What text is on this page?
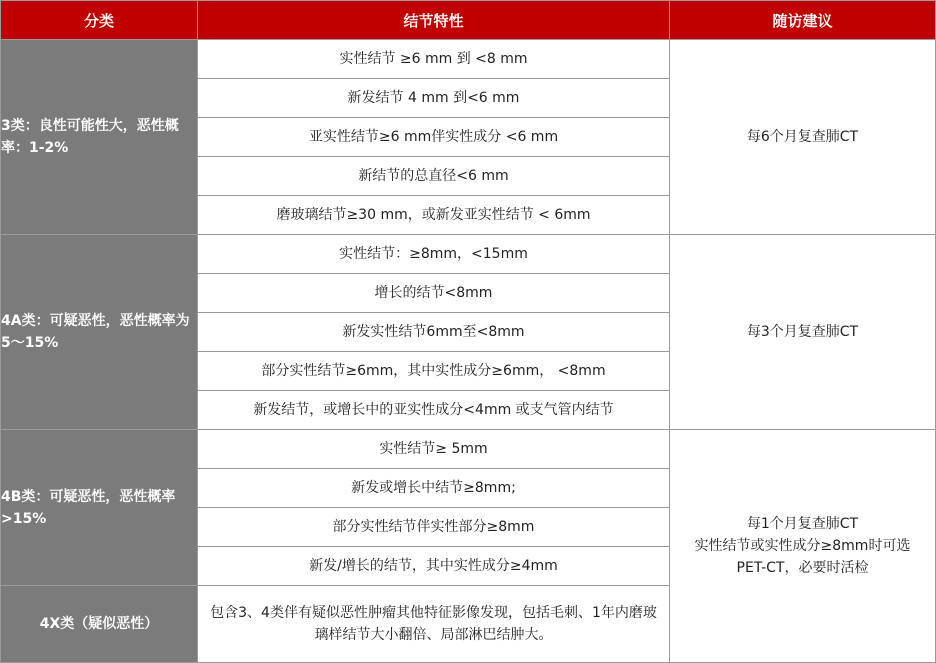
分类	结节特性	随访建议
3类：良性可能性大，恶性概率：1-2%	实性结节 ≥6 mm 到 <8 mm	每6个月复查肺CT

	新发结节 4 mm 到<6 mm	
	亚实性结节≥6 mm伴实性成分 <6 mm	
	新结节的总直径<6 mm	
	磨玻璃结节≥30 mm，或新发亚实性结节 < 6mm	
4A类：可疑恶性，恶性概率为5～15%	实性结节：≥8mm，<15mm	每3个月复查肺CT

	增长的结节<8mm	
	新发实性结节6mm至<8mm	
	部分实性结节≥6mm，其中实性成分≥6mm， <8mm	
	新发结节，或增长中的亚实性成分<4mm 或支气管内结节	
4B类：可疑恶性，恶性概率>15%	实性结节≥ 5mm	每1个月复查肺CT
实性结节或实性成分≥8mm时可选
PET-CT，必要时活检

	新发或增长中结节≥8mm;	
	部分实性结节伴实性部分≥8mm	
	新发/增长的结节，其中实性成分≥4mm	
4X类（疑似恶性）	包含3、4类伴有疑似恶性肿瘤其他特征影像发现，包括毛刺、1年内磨玻璃样结节大小翻倍、局部淋巴结肿大。	
